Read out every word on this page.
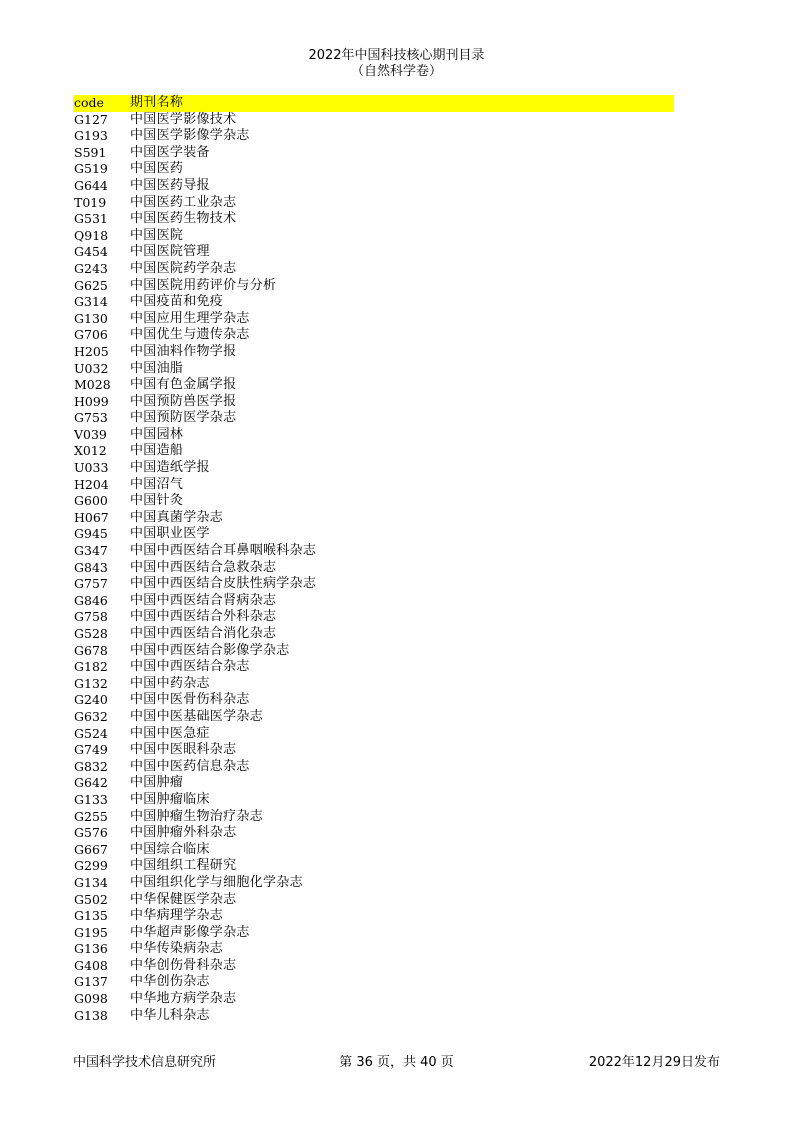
2022年中国科技核心期刊目录
（自然科学卷）
code 期刊名称
G127 中国医学影像技术
G193 中国医学影像学杂志
S591 中国医学装备
G519 中国医药
G644 中国医药导报
T019 中国医药工业杂志
G531 中国医药生物技术
Q918 中国医院
G454 中国医院管理
G243 中国医院药学杂志
G625 中国医院用药评价与分析
G314 中国疫苗和免疫
G130 中国应用生理学杂志
G706 中国优生与遗传杂志
H205 中国油料作物学报
U032 中国油脂
M028 中国有色金属学报
H099 中国预防兽医学报
G753 中国预防医学杂志
V039 中国园林
X012 中国造船
U033 中国造纸学报
H204 中国沼气
G600 中国针灸
H067 中国真菌学杂志
G945 中国职业医学
G347 中国中西医结合耳鼻咽喉科杂志
G843 中国中西医结合急救杂志
G757 中国中西医结合皮肤性病学杂志
G846 中国中西医结合肾病杂志
G758 中国中西医结合外科杂志
G528 中国中西医结合消化杂志
G678 中国中西医结合影像学杂志
G182 中国中西医结合杂志
G132 中国中药杂志
G240 中国中医骨伤科杂志
G632 中国中医基础医学杂志
G524 中国中医急症
G749 中国中医眼科杂志
G832 中国中医药信息杂志
G642 中国肿瘤
G133 中国肿瘤临床
G255 中国肿瘤生物治疗杂志
G576 中国肿瘤外科杂志
G667 中国综合临床
G299 中国组织工程研究
G134 中国组织化学与细胞化学杂志
G502 中华保健医学杂志
G135 中华病理学杂志
G195 中华超声影像学杂志
G136 中华传染病杂志
G408 中华创伤骨科杂志
G137 中华创伤杂志
G098 中华地方病学杂志
G138 中华儿科杂志
中国科学技术信息研究所	第 36 页，共 40 页	2022年12月29日发布
